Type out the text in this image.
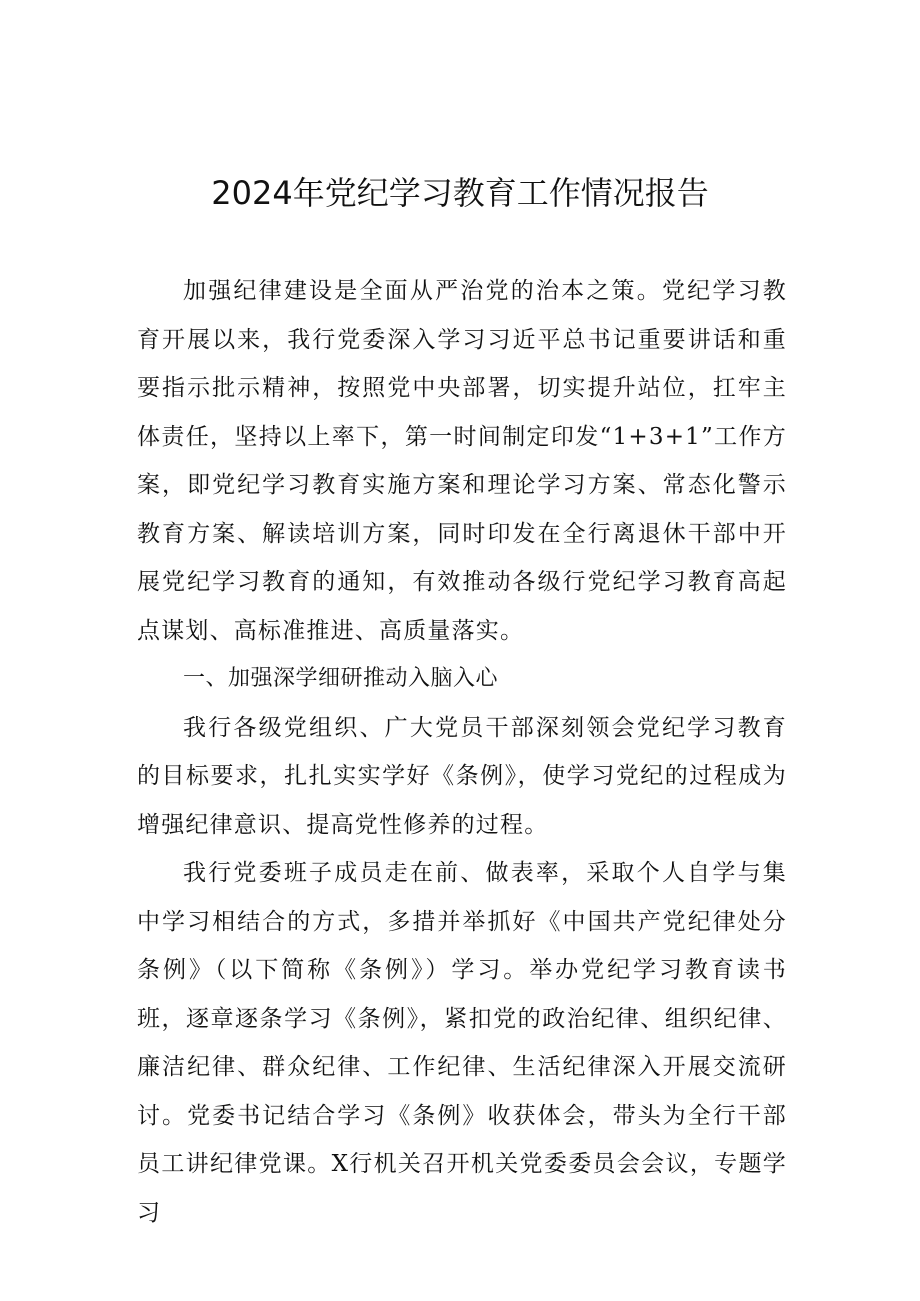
2024年党纪学习教育工作情况报告

加强纪律建设是全面从严治党的治本之策。党纪学习教育开展以来，我行党委深入学习习近平总书记重要讲话和重要指示批示精神，按照党中央部署，切实提升站位，扛牢主体责任，坚持以上率下，第一时间制定印发“1+3+1”工作方案，即党纪学习教育实施方案和理论学习方案、常态化警示教育方案、解读培训方案，同时印发在全行离退休干部中开展党纪学习教育的通知，有效推动各级行党纪学习教育高起点谋划、高标准推进、高质量落实。

一、加强深学细研推动入脑入心

我行各级党组织、广大党员干部深刻领会党纪学习教育的目标要求，扎扎实实学好《条例》，使学习党纪的过程成为增强纪律意识、提高党性修养的过程。

我行党委班子成员走在前、做表率，采取个人自学与集中学习相结合的方式，多措并举抓好《中国共产党纪律处分条例》（以下简称《条例》）学习。举办党纪学习教育读书班，逐章逐条学习《条例》，紧扣党的政治纪律、组织纪律、廉洁纪律、群众纪律、工作纪律、生活纪律深入开展交流研讨。党委书记结合学习《条例》收获体会，带头为全行干部员工讲纪律党课。X行机关召开机关党委委员会会议，专题学习
